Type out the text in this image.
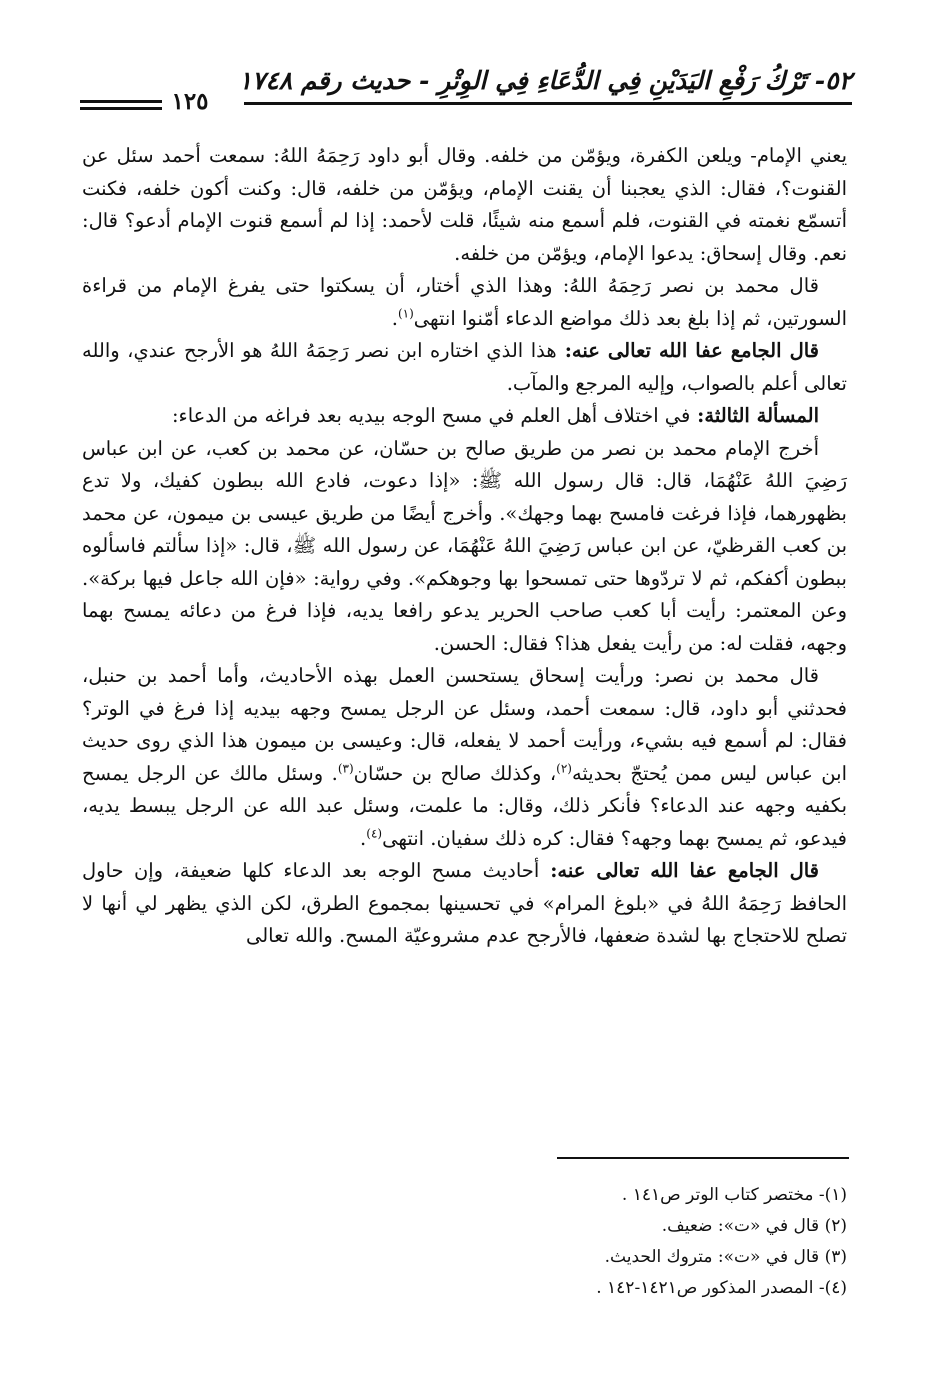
٥٢- تَرْكُ رَفْعِ اليَدَيْنِ فِي الدُّعَاءِ فِي الوِتْرِ - حديث رقم ١٧٤٨
١٢٥

يعني الإمام- ويلعن الكفرة، ويؤمّن من خلفه. وقال أبو داود رَحِمَهُ اللهُ: سمعت أحمد سئل عن القنوت؟، فقال: الذي يعجبنا أن يقنت الإمام، ويؤمّن من خلفه، قال: وكنت أكون خلفه، فكنت أتسمّع نغمته في القنوت، فلم أسمع منه شيئًا، قلت لأحمد: إذا لم أسمع قنوت الإمام أدعو؟ قال: نعم. وقال إسحاق: يدعوا الإمام، ويؤمّن من خلفه.

قال محمد بن نصر رَحِمَهُ اللهُ: وهذا الذي أختار، أن يسكتوا حتى يفرغ الإمام من قراءة السورتين، ثم إذا بلغ بعد ذلك مواضع الدعاء أمّنوا انتهى$^{(١)}$.

قال الجامع عفا الله تعالى عنه: هذا الذي اختاره ابن نصر رَحِمَهُ اللهُ هو الأرجح عندي، والله تعالى أعلم بالصواب، وإليه المرجع والمآب.

المسألة الثالثة: في اختلاف أهل العلم في مسح الوجه بيديه بعد فراغه من الدعاء:

أخرج الإمام محمد بن نصر من طريق صالح بن حسّان، عن محمد بن كعب، عن ابن عباس رَضِيَ اللهُ عَنْهُمَا، قال: قال رسول الله ﷺ: «إذا دعوت، فادع الله ببطون كفيك، ولا تدع بظهورهما، فإذا فرغت فامسح بهما وجهك». وأخرج أيضًا من طريق عيسى بن ميمون، عن محمد بن كعب القرظيّ، عن ابن عباس رَضِيَ اللهُ عَنْهُمَا، عن رسول الله ﷺ، قال: «إذا سألتم فاسألوه ببطون أكفكم، ثم لا تردّوها حتى تمسحوا بها وجوهكم». وفي رواية: «فإن الله جاعل فيها بركة». وعن المعتمر: رأيت أبا كعب صاحب الحرير يدعو رافعا يديه، فإذا فرغ من دعائه يمسح بهما وجهه، فقلت له: من رأيت يفعل هذا؟ فقال: الحسن.

قال محمد بن نصر: ورأيت إسحاق يستحسن العمل بهذه الأحاديث، وأما أحمد بن حنبل، فحدثني أبو داود، قال: سمعت أحمد، وسئل عن الرجل يمسح وجهه بيديه إذا فرغ في الوتر؟ فقال: لم أسمع فيه بشيء، ورأيت أحمد لا يفعله، قال: وعيسى بن ميمون هذا الذي روى حديث ابن عباس ليس ممن يُحتجّ بحديثه$^{(٢)}$، وكذلك صالح بن حسّان$^{(٣)}$. وسئل مالك عن الرجل يمسح بكفيه وجهه عند الدعاء؟ فأنكر ذلك، وقال: ما علمت، وسئل عبد الله عن الرجل يبسط يديه، فيدعو، ثم يمسح بهما وجهه؟ فقال: كره ذلك سفيان. انتهى$^{(٤)}$.

قال الجامع عفا الله تعالى عنه: أحاديث مسح الوجه بعد الدعاء كلها ضعيفة، وإن حاول الحافظ رَحِمَهُ اللهُ في «بلوغ المرام» في تحسينها بمجموع الطرق، لكن الذي يظهر لي أنها لا تصلح للاحتجاج بها لشدة ضعفها، فالأرجح عدم مشروعيّة المسح. والله تعالى

(١)- مختصر كتاب الوتر ص١٤١ .
(٢) قال في «ت»: ضعيف.
(٣) قال في «ت»: متروك الحديث.
(٤)- المصدر المذكور ص١٤٢١-١٤٢ .
